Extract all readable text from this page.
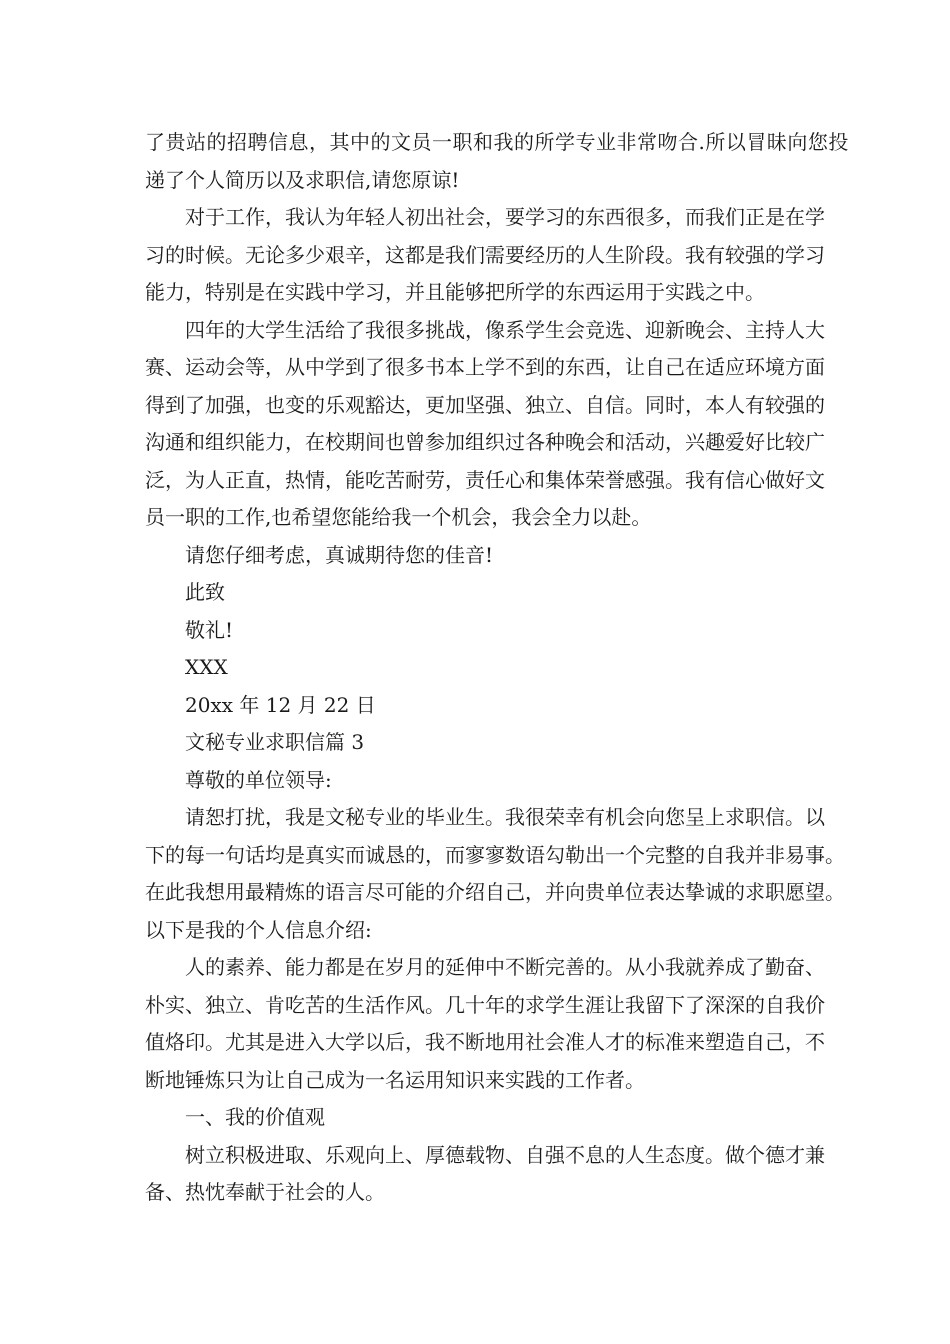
了贵站的招聘信息，其中的文员一职和我的所学专业非常吻合.所以冒昧向您投
递了个人简历以及求职信,请您原谅!
对于工作，我认为年轻人初出社会，要学习的东西很多，而我们正是在学
习的时候。无论多少艰辛，这都是我们需要经历的人生阶段。我有较强的学习
能力，特别是在实践中学习，并且能够把所学的东西运用于实践之中。
四年的大学生活给了我很多挑战，像系学生会竞选、迎新晚会、主持人大
赛、运动会等，从中学到了很多书本上学不到的东西，让自己在适应环境方面
得到了加强，也变的乐观豁达，更加坚强、独立、自信。同时，本人有较强的
沟通和组织能力，在校期间也曾参加组织过各种晚会和活动，兴趣爱好比较广
泛，为人正直，热情，能吃苦耐劳，责任心和集体荣誉感强。我有信心做好文
员一职的工作,也希望您能给我一个机会，我会全力以赴。
请您仔细考虑，真诚期待您的佳音!
此致
敬礼!
XXX
20xx 年 12 月 22 日
文秘专业求职信篇 3
尊敬的单位领导:
请恕打扰，我是文秘专业的毕业生。我很荣幸有机会向您呈上求职信。以
下的每一句话均是真实而诚恳的，而寥寥数语勾勒出一个完整的自我并非易事。
在此我想用最精炼的语言尽可能的介绍自己，并向贵单位表达挚诚的求职愿望。
以下是我的个人信息介绍:
人的素养、能力都是在岁月的延伸中不断完善的。从小我就养成了勤奋、
朴实、独立、肯吃苦的生活作风。几十年的求学生涯让我留下了深深的自我价
值烙印。尤其是进入大学以后，我不断地用社会准人才的标准来塑造自己，不
断地锤炼只为让自己成为一名运用知识来实践的工作者。
一、我的价值观
树立积极进取、乐观向上、厚德载物、自强不息的人生态度。做个德才兼
备、热忱奉献于社会的人。
